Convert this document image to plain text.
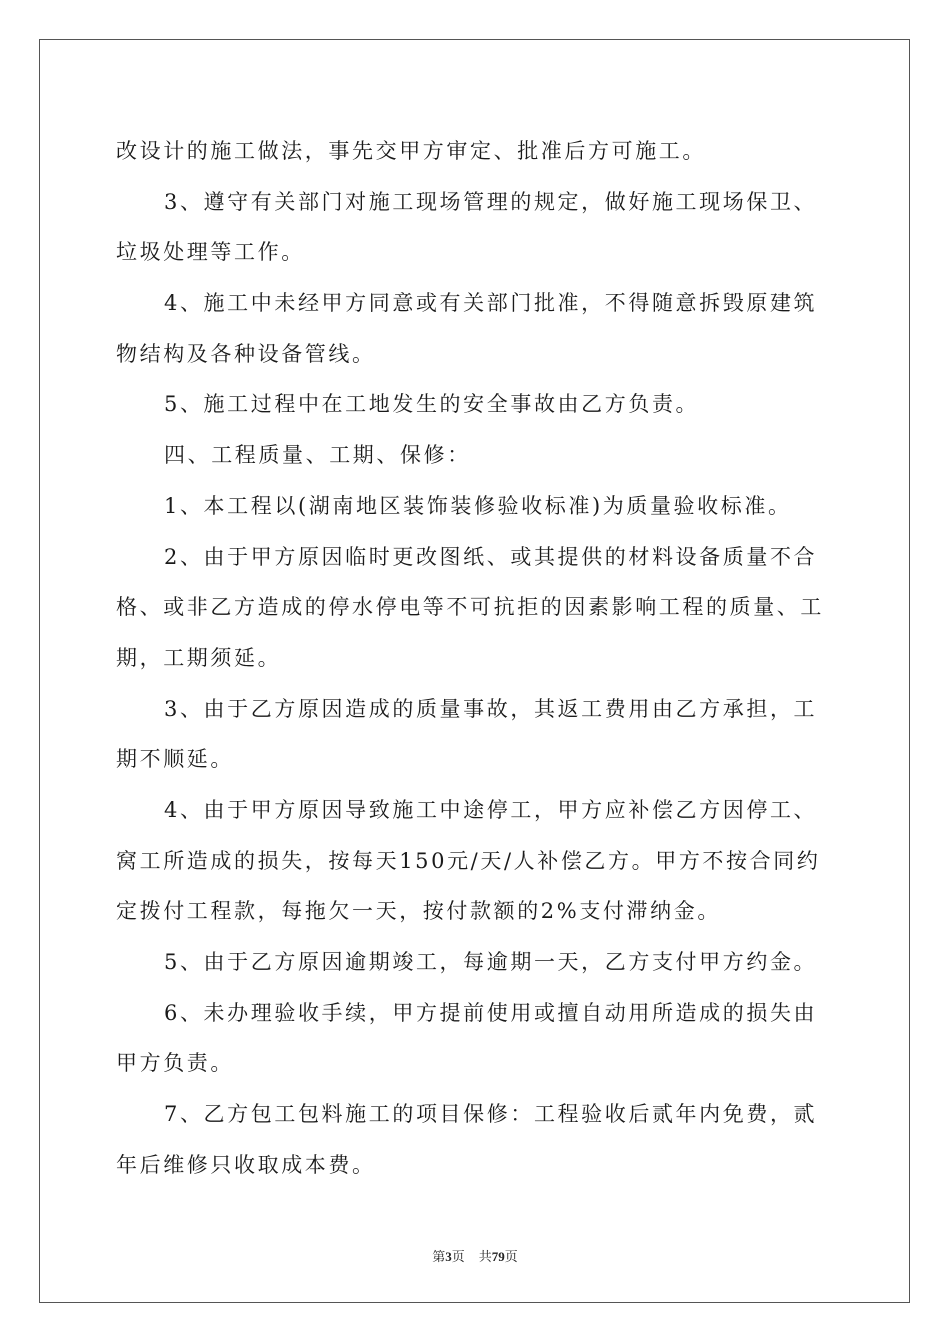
改设计的施工做法，事先交甲方审定、批准后方可施工。
3、遵守有关部门对施工现场管理的规定，做好施工现场保卫、
垃圾处理等工作。
4、施工中未经甲方同意或有关部门批准，不得随意拆毁原建筑
物结构及各种设备管线。
5、施工过程中在工地发生的安全事故由乙方负责。
四、工程质量、工期、保修：
1、本工程以(湖南地区装饰装修验收标准)为质量验收标准。
2、由于甲方原因临时更改图纸、或其提供的材料设备质量不合
格、或非乙方造成的停水停电等不可抗拒的因素影响工程的质量、工
期，工期须延。
3、由于乙方原因造成的质量事故，其返工费用由乙方承担，工
期不顺延。
4、由于甲方原因导致施工中途停工，甲方应补偿乙方因停工、
窝工所造成的损失，按每天150元/天/人补偿乙方。甲方不按合同约
定拨付工程款，每拖欠一天，按付款额的2%支付滞纳金。
5、由于乙方原因逾期竣工，每逾期一天，乙方支付甲方约金。
6、未办理验收手续，甲方提前使用或擅自动用所造成的损失由
甲方负责。
7、乙方包工包料施工的项目保修：工程验收后贰年内免费，贰
年后维修只收取成本费。
第3页 共79页
